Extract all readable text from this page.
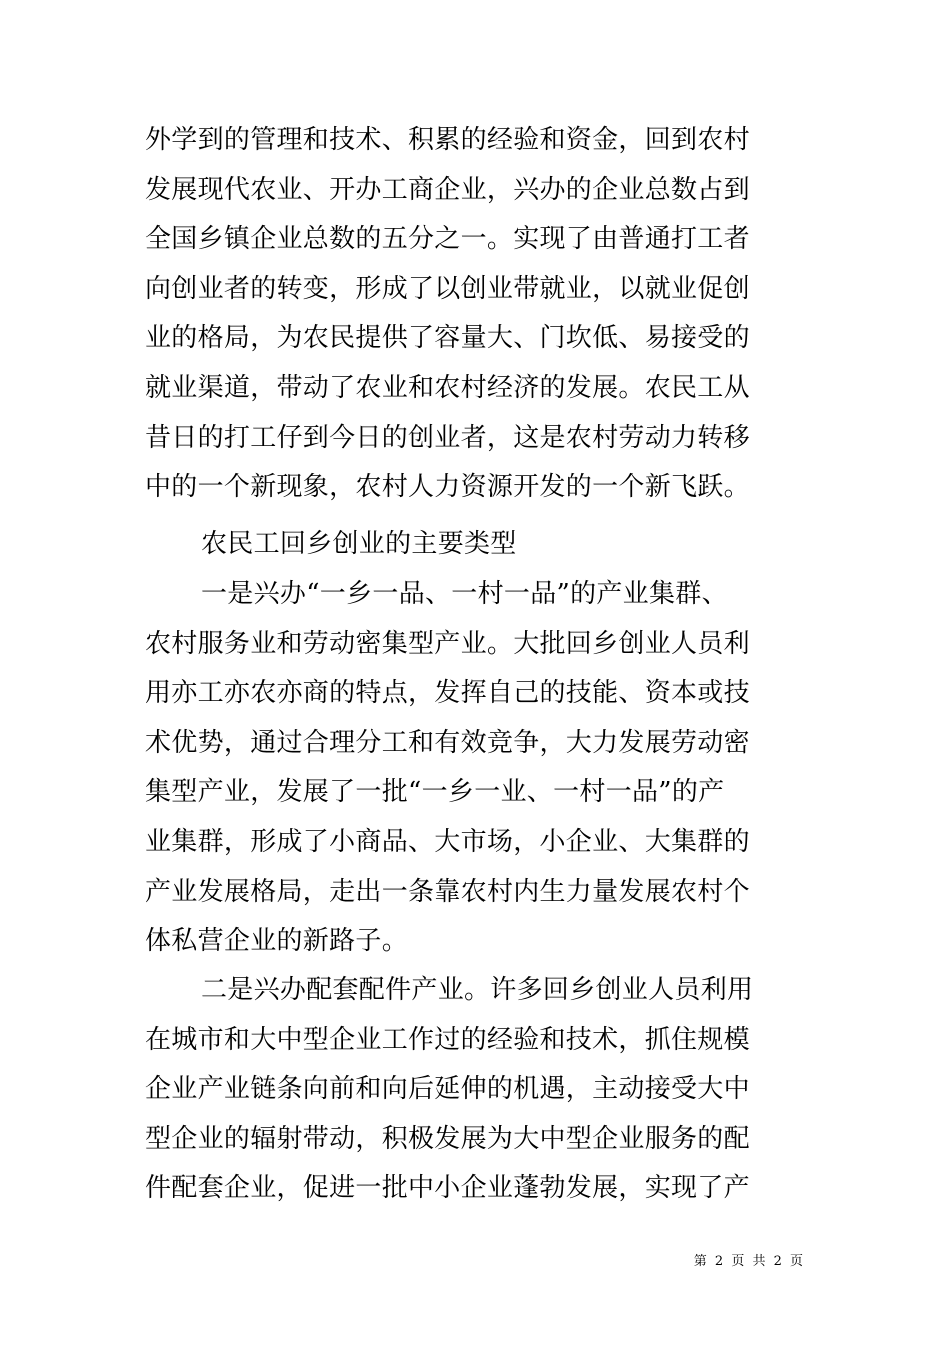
外学到的管理和技术、积累的经验和资金，回到农村
发展现代农业、开办工商企业，兴办的企业总数占到
全国乡镇企业总数的五分之一。实现了由普通打工者
向创业者的转变，形成了以创业带就业，以就业促创
业的格局，为农民提供了容量大、门坎低、易接受的
就业渠道，带动了农业和农村经济的发展。农民工从
昔日的打工仔到今日的创业者，这是农村劳动力转移
中的一个新现象，农村人力资源开发的一个新飞跃。
农民工回乡创业的主要类型
一是兴办“一乡一品、一村一品”的产业集群、
农村服务业和劳动密集型产业。大批回乡创业人员利
用亦工亦农亦商的特点，发挥自己的技能、资本或技
术优势，通过合理分工和有效竞争，大力发展劳动密
集型产业，发展了一批“一乡一业、一村一品”的产
业集群，形成了小商品、大市场，小企业、大集群的
产业发展格局，走出一条靠农村内生力量发展农村个
体私营企业的新路子。
二是兴办配套配件产业。许多回乡创业人员利用
在城市和大中型企业工作过的经验和技术，抓住规模
企业产业链条向前和向后延伸的机遇，主动接受大中
型企业的辐射带动，积极发展为大中型企业服务的配
件配套企业，促进一批中小企业蓬勃发展，实现了产
第 2 页 共 2 页
